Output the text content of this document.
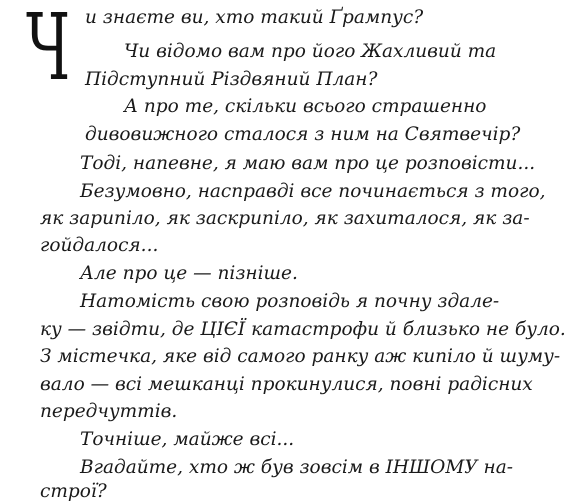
Ч и знаєте ви, хто такий Ґрампус?
Чи відомо вам про його Жахливий та
Підступний Різдвяний План?
А про те, скільки всього страшенно
дивовижного сталося з ним на Святвечір?
Тоді, напевне, я маю вам про це розповісти...
Безумовно, насправді все починається з того,
як зарипіло, як заскрипіло, як захиталося, як за-
гойдалося...
Але про це — пізніше.
Натомість свою розповідь я почну здале-
ку — звідти, де ЦІЄЇ катастрофи й близько не було.
З містечка, яке від самого ранку аж кипіло й шуму-
вало — всі мешканці прокинулися, повні радісних
передчуттів.
Точніше, майже всі...
Вгадайте, хто ж був зовсім в ІНШОМУ на-
строї?
